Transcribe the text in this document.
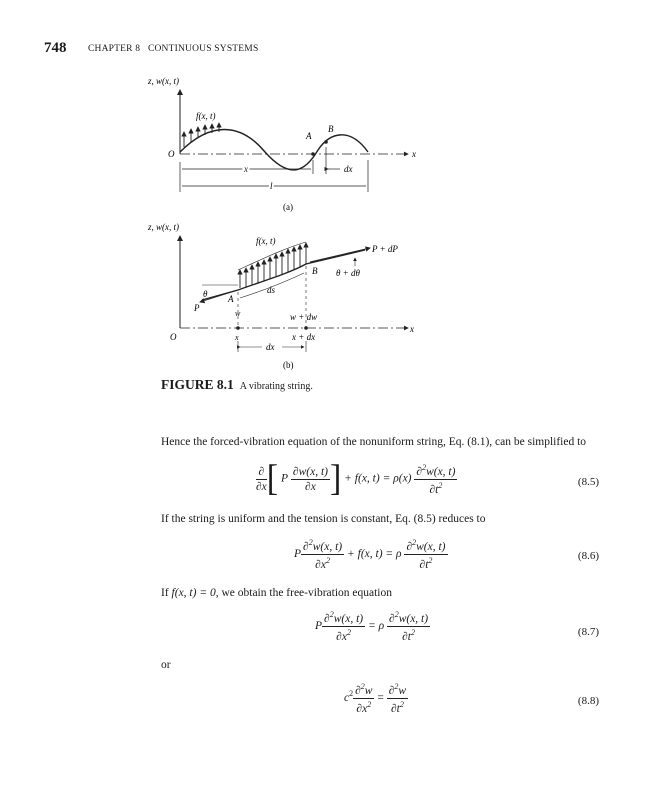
748 CHAPTER 8 CONTINUOUS SYSTEMS
z, w(x, t)
O	x
f(x, t)
A
B
x	dx
l
(a)
z, w(x, t)
O
x
f(x, t)
P + dP
B θ + dθ
θ
P
A
ds
w	w + dw
x	x + dx
dx
(b)
FIGURE 8.1 A vibrating string.
Hence the forced-vibration equation of the nonuniform string, Eq. (8.1), can be simplified to
$\frac{\partial}{\partial x}$ [ P $\frac{\partial w(x, t)}{\partial x}$ ] + f(x, $t) = \rho(x) \frac{\partial^2w(x, t)}{\partial t^2}$	(8.5)
If the string is uniform and the tension is constant, Eq. (8.5) reduces to
P $\frac{\partial^2w(x, t)}{\partial x^2} + f(x$, t) = ρ $\frac{\partial^2w(x, t)}{\partial t^2}$	(8.6)
If f(x, t) = 0, we obtain the free-vibration equation
P $\frac{\partial^2w(x, t)}{\partial x^2} = \rho \frac{\partial^2w(x, t)}{\partial t^2}$	(8.7)
or
$c^2 \frac{\partial^2w}{\partial x^2} = \frac{\partial^2w}{\partial t^2}$	(8.8)
